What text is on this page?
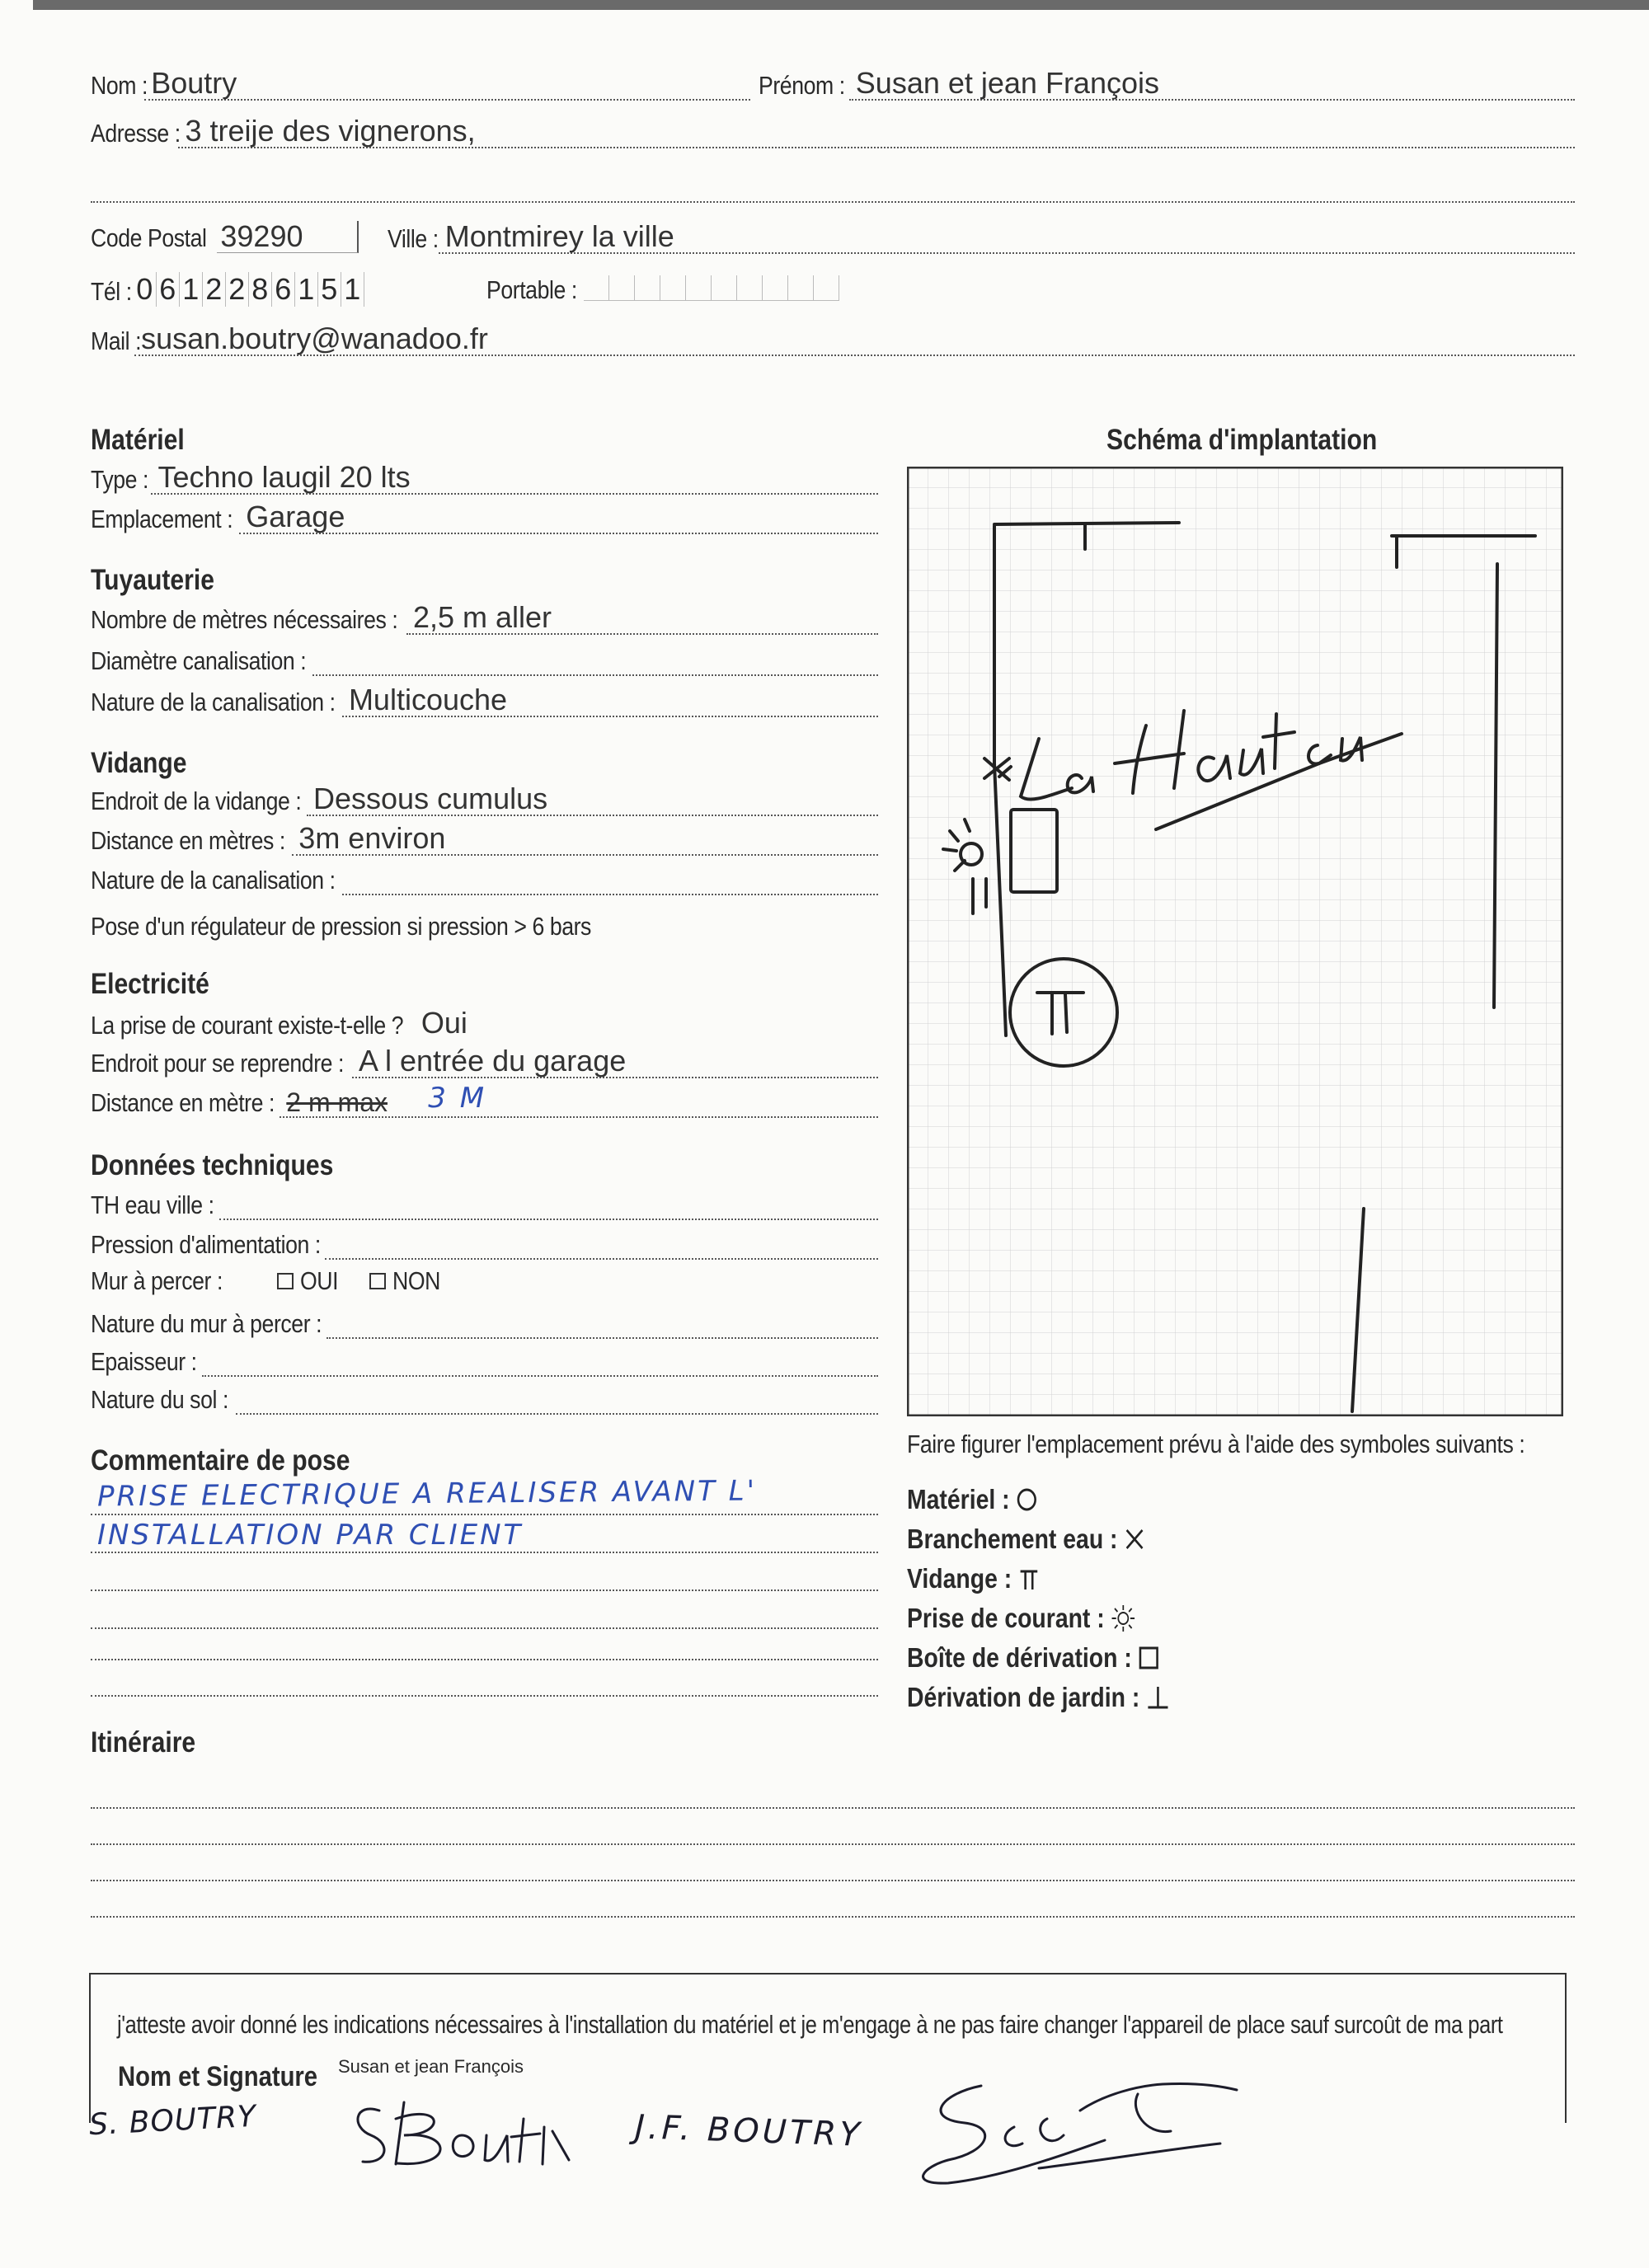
Nom : Boutry	Prénom : Susan et jean François
Adresse : 3 treije des vignerons,
Code Postal 39290	Ville : Montmirey la ville
Tél : 0 6 1 2 2 8 6 1 5 1	Portable :
Mail : susan.boutry@wanadoo.fr
Matériel
Type : Techno laugil 20 lts
Emplacement : Garage
Tuyauterie
Nombre de mètres nécessaires : 2,5 m aller
Diamètre canalisation :
Nature de la canalisation : Multicouche
Vidange
Endroit de la vidange : Dessous cumulus
Distance en mètres : 3m environ
Nature de la canalisation :
Pose d'un régulateur de pression si pression > 6 bars
Electricité
La prise de courant existe-t-elle ? Oui
Endroit pour se reprendre : A l entrée du garage
Distance en mètre : 2 m max 3 M
Données techniques
TH eau ville :
Pression d'alimentation :
Mur à percer :	OUI NON
Nature du mur à percer :
Epaisseur :
Nature du sol :
Commentaire de pose
PRISE ELECTRIQUE A REALISER AVANT L'
INSTALLATION PAR CLIENT
Itinéraire
Schéma d'implantation
Faire figurer l'emplacement prévu à l'aide des symboles suivants :
Matériel :
Branchement eau :
Vidange :
Prise de courant :
Boîte de dérivation :
Dérivation de jardin :
j'atteste avoir donné les indications nécessaires à l'installation du matériel et je m'engage à ne pas faire changer l'appareil de place sauf surcoût de ma part
Nom et Signature Susan et jean François
S. BOUTRY	J.F. BOUTRY
